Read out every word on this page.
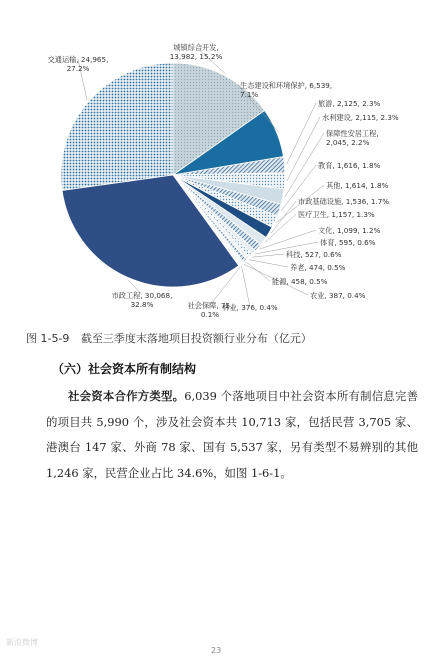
交通运输, 24,965, 27.2%
城镇综合开发, 13,982, 15.2%
生态建设和环境保护, 6,539, 7.1%
旅游, 2,125, 2.3%
水利建设, 2,115, 2.3%
保障性安居工程, 2,045, 2.2%
教育, 1,616, 1.8%
其他, 1,614, 1.8%
市政基础设施, 1,536, 1.7%
医疗卫生, 1,157, 1.3%
文化, 1,099, 1.2%
体育, 595, 0.6%
科技, 527, 0.6%
养老, 474, 0.5%
能源, 458, 0.5%
农业, 387, 0.4%
林业, 376, 0.4%
社会保障, 75, 0.1%
市政工程, 30,068, 32.8%
图 1-5-9 截至三季度末落地项目投资额行业分布（亿元）
（六）社会资本所有制结构
社会资本合作方类型。6,039 个落地项目中社会资本所有制信息完善的项目共 5,990 个，涉及社会资本共 10,713 家，包括民营 3,705 家、港澳台 147 家、外商 78 家、国有 5,537 家，另有类型不易辨别的其他 1,246 家，民营企业占比 34.6%，如图 1-6-1。
新浪微博
23
